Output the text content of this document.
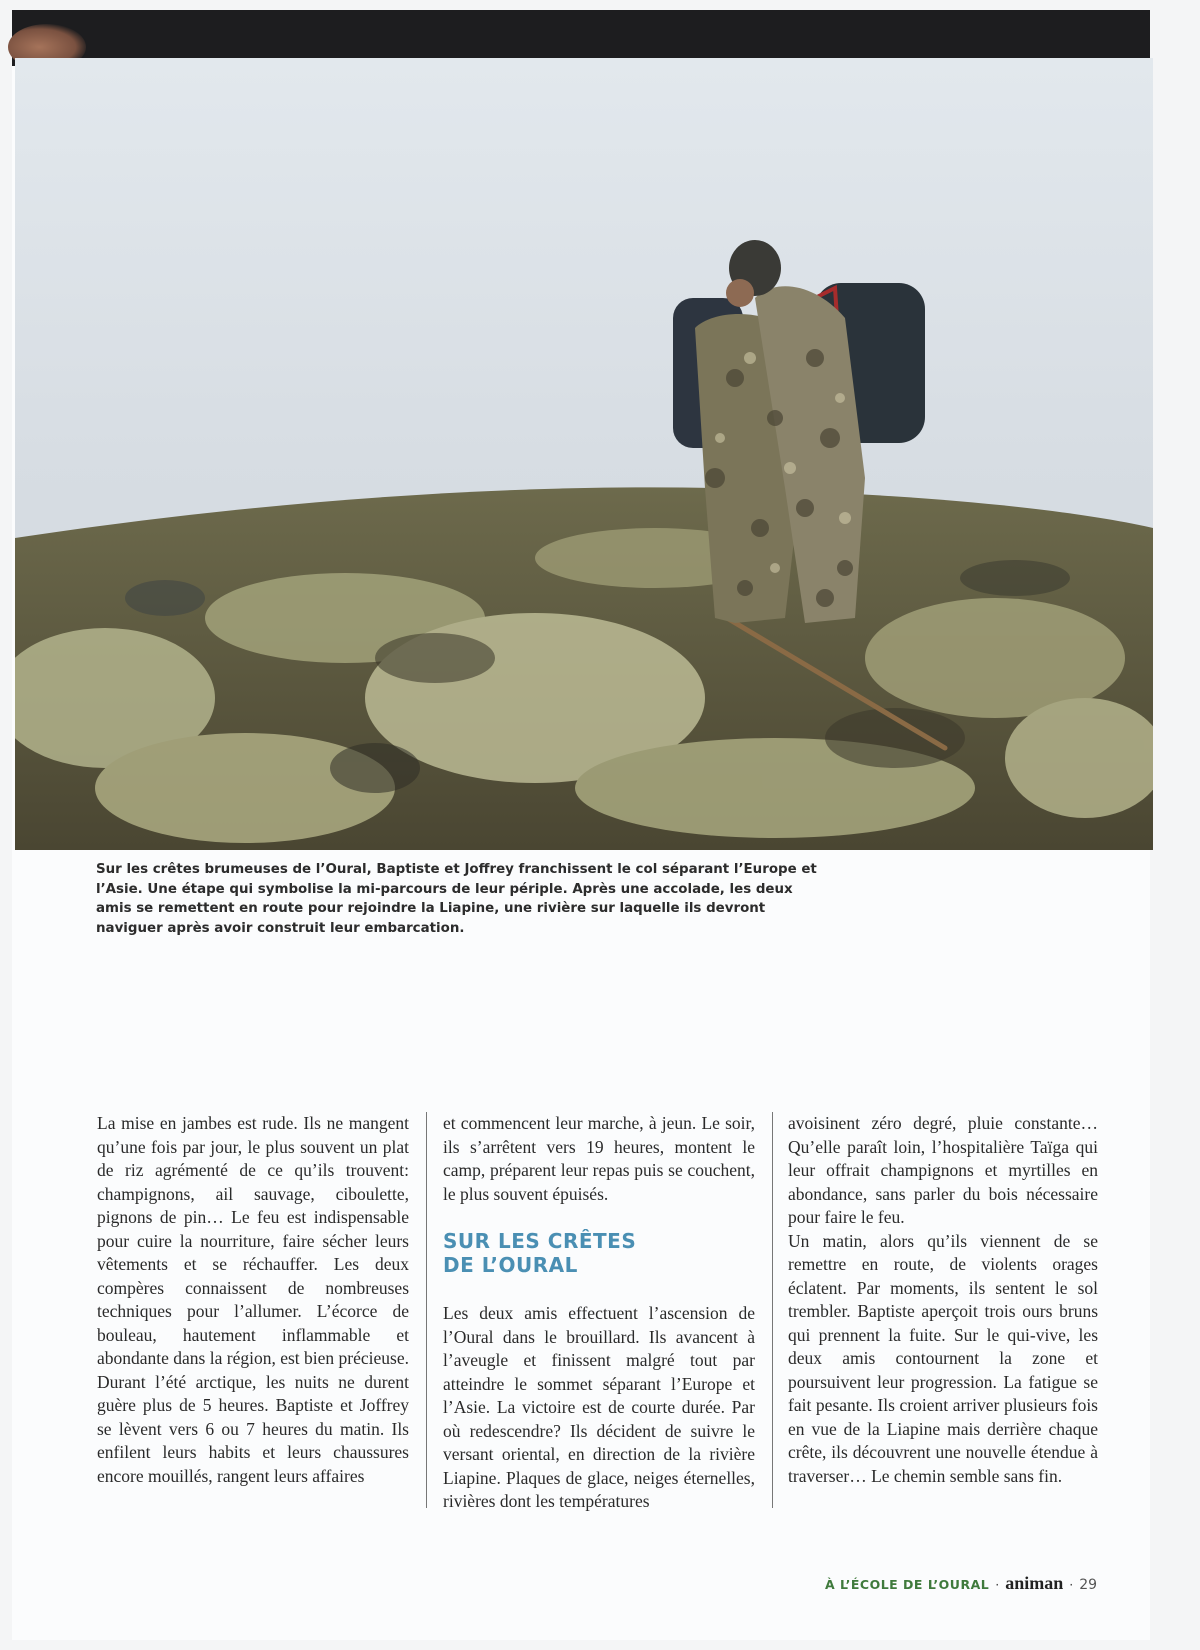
Sur les crêtes brumeuses de l’Oural, Baptiste et Joffrey franchissent le col séparant l’Europe et l’Asie. Une étape qui symbolise la mi-parcours de leur périple. Après une accolade, les deux amis se remettent en route pour rejoindre la Liapine, une rivière sur laquelle ils devront naviguer après avoir construit leur embarcation.

La mise en jambes est rude. Ils ne mangent qu’une fois par jour, le plus souvent un plat de riz agrémenté de ce qu’ils trouvent: champignons, ail sauvage, ciboulette, pignons de pin… Le feu est indispensable pour cuire la nourriture, faire sécher leurs vêtements et se réchauffer. Les deux compères connaissent de nombreuses techniques pour l’allumer. L’écorce de bouleau, hautement inflammable et abondante dans la région, est bien précieuse.

Durant l’été arctique, les nuits ne durent guère plus de 5 heures. Baptiste et Joffrey se lèvent vers 6 ou 7 heures du matin. Ils enfilent leurs habits et leurs chaussures encore mouillés, rangent leurs affaires

et commencent leur marche, à jeun. Le soir, ils s’arrêtent vers 19 heures, montent le camp, préparent leur repas puis se couchent, le plus souvent épuisés.

SUR LES CRÊTES
DE L’OURAL

Les deux amis effectuent l’ascension de l’Oural dans le brouillard. Ils avancent à l’aveugle et finissent malgré tout par atteindre le sommet séparant l’Europe et l’Asie. La victoire est de courte durée. Par où redescendre? Ils décident de suivre le versant oriental, en direction de la rivière Liapine. Plaques de glace, neiges éternelles, rivières dont les températures

avoisinent zéro degré, pluie constante… Qu’elle paraît loin, l’hospitalière Taïga qui leur offrait champignons et myrtilles en abondance, sans parler du bois nécessaire pour faire le feu.

Un matin, alors qu’ils viennent de se remettre en route, de violents orages éclatent. Par moments, ils sentent le sol trembler. Baptiste aperçoit trois ours bruns qui prennent la fuite. Sur le qui-vive, les deux amis contournent la zone et poursuivent leur progression. La fatigue se fait pesante. Ils croient arriver plusieurs fois en vue de la Liapine mais derrière chaque crête, ils découvrent une nouvelle étendue à traverser… Le chemin semble sans fin.

À L’ÉCOLE DE L’OURAL · animan · 29
